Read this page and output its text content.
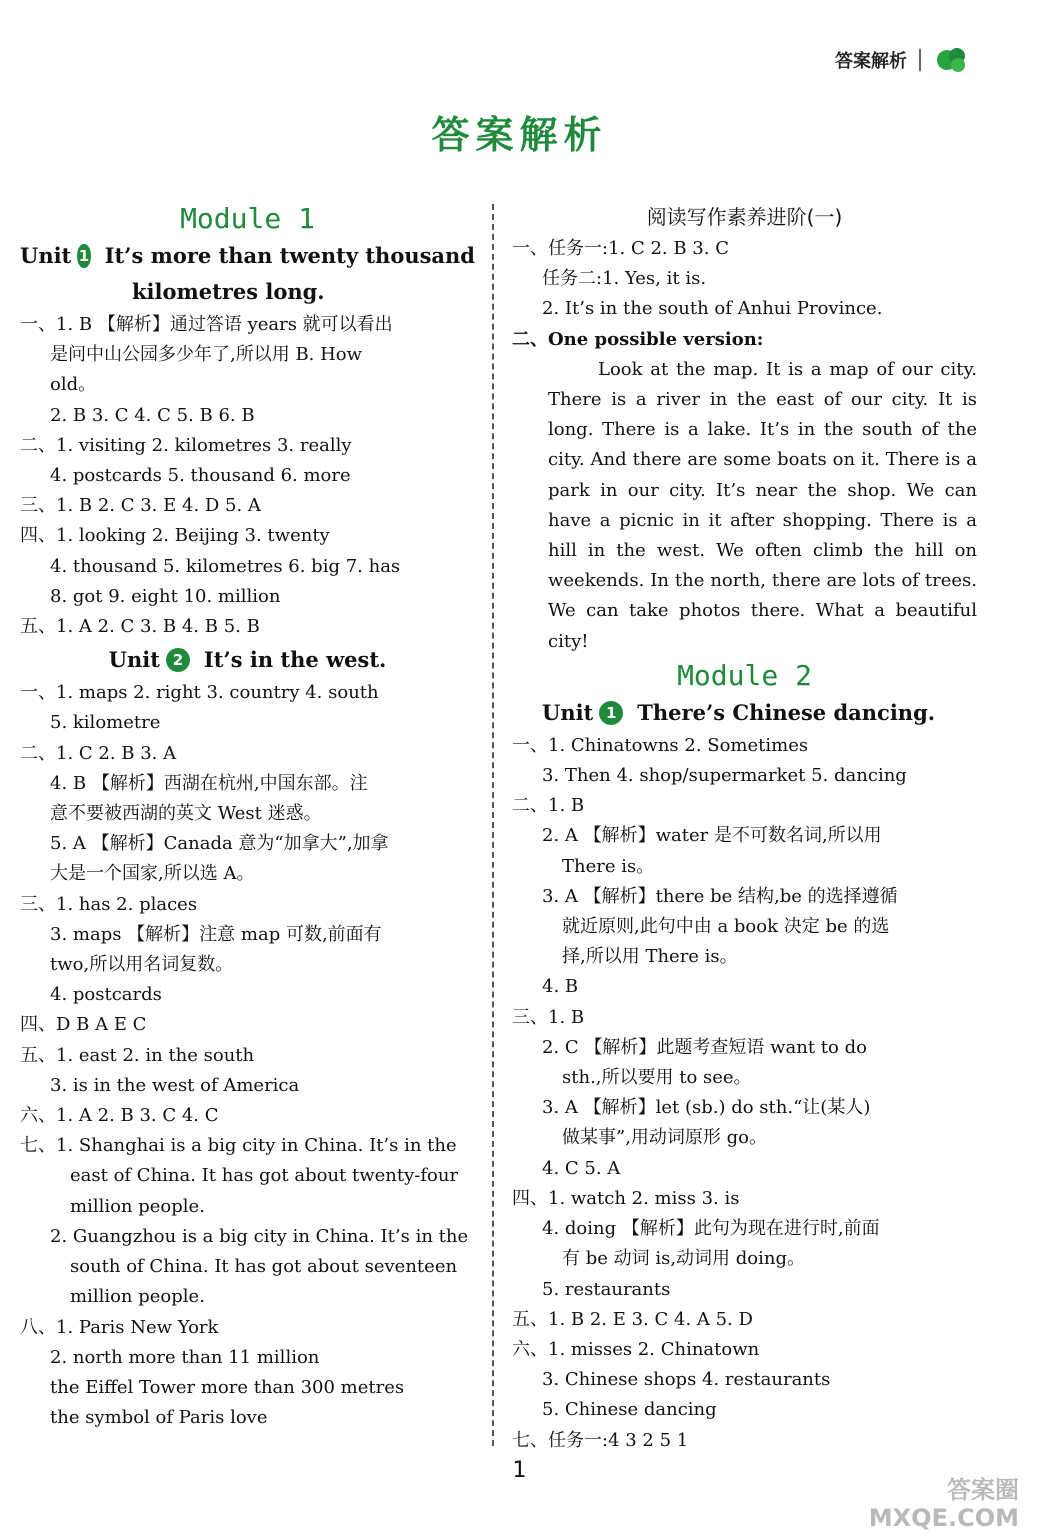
答案解析
答案解析
Module 1
Unit 1 It’s more than twenty thousand
kilometres long.
一、1. B 【解析】通过答语 years 就可以看出
是问中山公园多少年了,所以用 B. How
old。
2. B 3. C 4. C 5. B 6. B
二、1. visiting 2. kilometres 3. really
4. postcards 5. thousand 6. more
三、1. B 2. C 3. E 4. D 5. A
四、1. looking 2. Beijing 3. twenty
4. thousand 5. kilometres 6. big 7. has
8. got 9. eight 10. million
五、1. A 2. C 3. B 4. B 5. B
Unit 2 It’s in the west.
一、1. maps 2. right 3. country 4. south
5. kilometre
二、1. C 2. B 3. A
4. B 【解析】西湖在杭州,中国东部。注
意不要被西湖的英文 West 迷惑。
5. A 【解析】Canada 意为“加拿大”,加拿
大是一个国家,所以选 A。
三、1. has 2. places
3. maps 【解析】注意 map 可数,前面有
two,所以用名词复数。
4. postcards
四、D B A E C
五、1. east 2. in the south
3. is in the west of America
六、1. A 2. B 3. C 4. C
七、1. Shanghai is a big city in China. It’s in the
east of China. It has got about twenty-four
million people.
2. Guangzhou is a big city in China. It’s in the
south of China. It has got about seventeen
million people.
八、1. Paris New York
2. north more than 11 million
the Eiffel Tower more than 300 metres
the symbol of Paris love
阅读写作素养进阶(一)
一、任务一:1. C 2. B 3. C
任务二:1. Yes, it is.
2. It’s in the south of Anhui Province.
二、One possible version:
Look at the map. It is a map of our city. There is a river in the east of our city. It is long. There is a lake. It’s in the south of the city. And there are some boats on it. There is a park in our city. It’s near the shop. We can have a picnic in it after shopping. There is a hill in the west. We often climb the hill on weekends. In the north, there are lots of trees. We can take photos there. What a beautiful city!
Module 2
Unit 1 There’s Chinese dancing.
一、1. Chinatowns 2. Sometimes
3. Then 4. shop/supermarket 5. dancing
二、1. B
2. A 【解析】water 是不可数名词,所以用
There is。
3. A 【解析】there be 结构,be 的选择遵循
就近原则,此句中由 a book 决定 be 的选
择,所以用 There is。
4. B
三、1. B
2. C 【解析】此题考查短语 want to do
sth.,所以要用 to see。
3. A 【解析】let (sb.) do sth.“让(某人)
做某事”,用动词原形 go。
4. C 5. A
四、1. watch 2. miss 3. is
4. doing 【解析】此句为现在进行时,前面
有 be 动词 is,动词用 doing。
5. restaurants
五、1. B 2. E 3. C 4. A 5. D
六、1. misses 2. Chinatown
3. Chinese shops 4. restaurants
5. Chinese dancing
七、任务一:4 3 2 5 1
1
答案圈
MXQE.COM
